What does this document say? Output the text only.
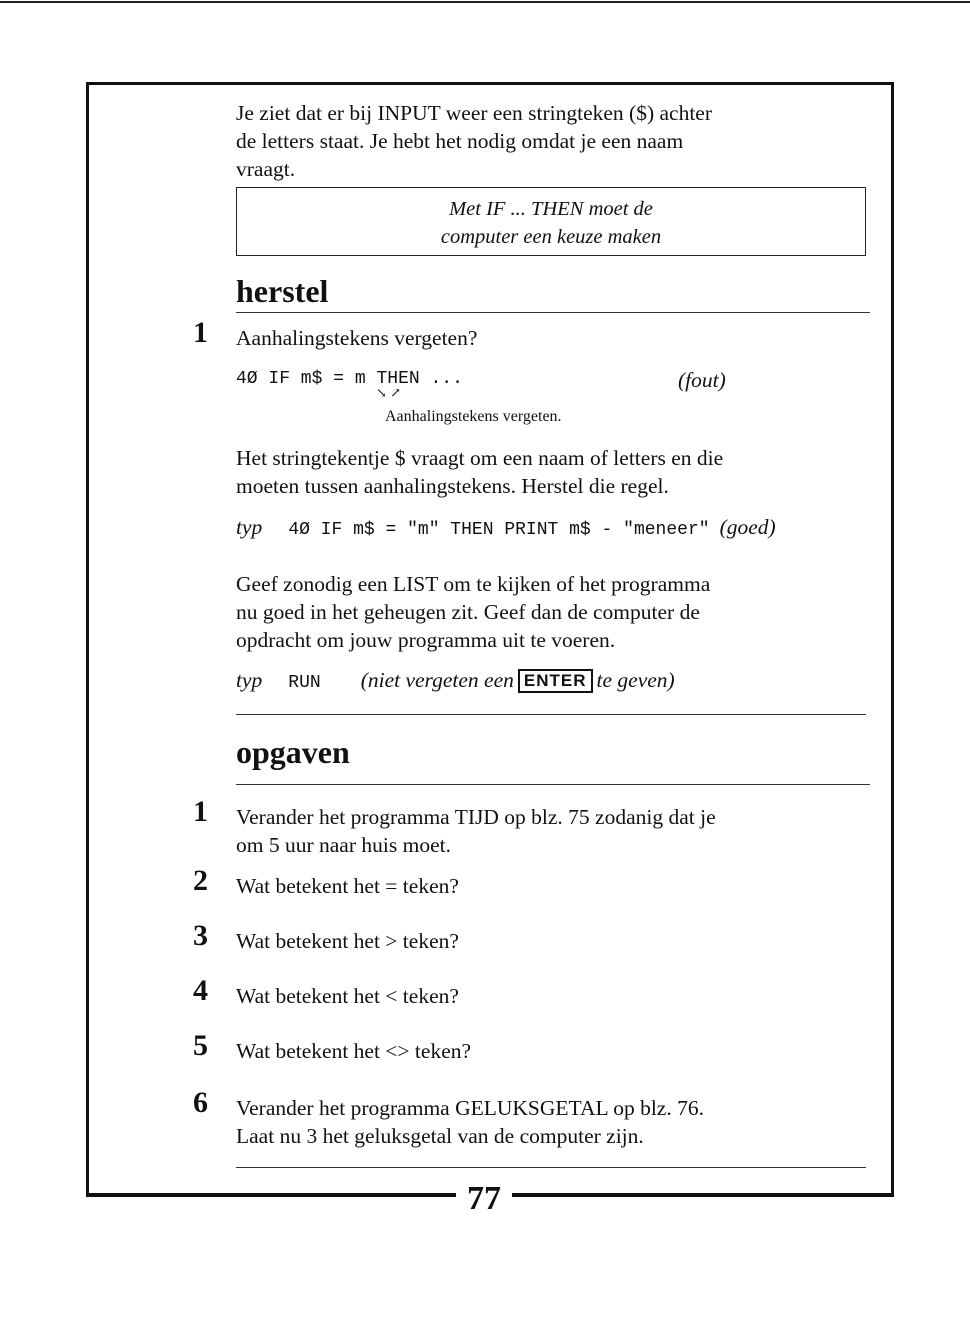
77
Je ziet dat er bij INPUT weer een stringteken ($) achter
de letters staat. Je hebt het nodig omdat je een naam
vraagt.
Met IF ... THEN moet de
computer een keuze maken
herstel
1 Aanhalingstekens vergeten?
4Ø IF m$ = m THEN ...
↘ ↗
(fout)
Aanhalingstekens vergeten.
Het stringtekentje $ vraagt om een naam of letters en die
moeten tussen aanhalingstekens. Herstel die regel.
typ 4Ø IF m$ = "m" THEN PRINT m$ - "meneer" (goed)
Geef zonodig een LIST om te kijken of het programma
nu goed in het geheugen zit. Geef dan de computer de
opdracht om jouw programma uit te voeren.
typ RUN (niet vergeten een ENTER te geven)
opgaven
1 Verander het programma TIJD op blz. 75 zodanig dat je
om 5 uur naar huis moet.
2 Wat betekent het = teken?
3 Wat betekent het > teken?
4 Wat betekent het < teken?
5 Wat betekent het <> teken?
6 Verander het programma GELUKSGETAL op blz. 76.
Laat nu 3 het geluksgetal van de computer zijn.
